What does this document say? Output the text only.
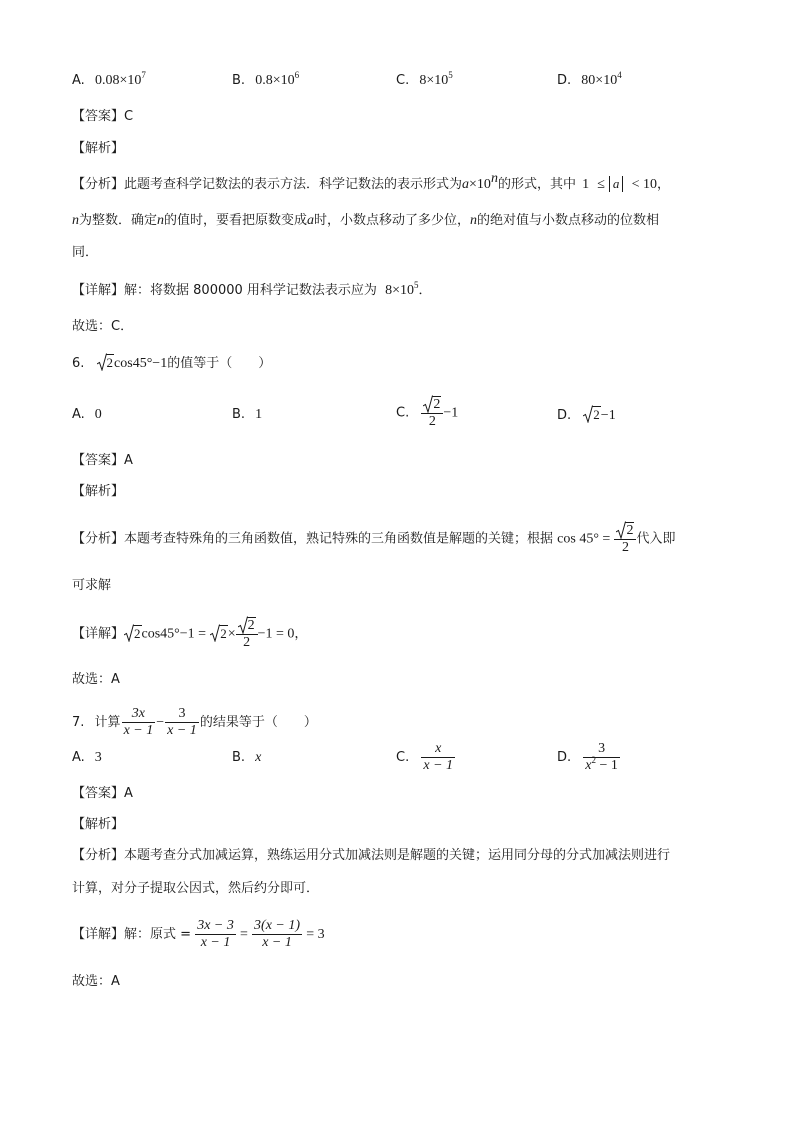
A. $0.08\times 10^7$	B. $0.8\times 10^6$	C. $8\times 10^5$	D. $80\times 10^4$
【答案】C
【解析】
【分析】此题考查科学记数法的表示方法．科学记数法的表示形式为$a\times 10^n$的形式，其中 1 ≤ a < 10，
n为整数．确定n的值时，要看把原数变成a时，小数点移动了多少位，n的绝对值与小数点移动的位数相
同．
【详解】解：将数据 800000 用科学记数法表示应为 $8\times 10^5$．
故选：C．
6. 2cos45°−1的值等于（　　）
A. 0	B. 1	C. $\frac{2}{2} -1$	D. 2−1
【答案】A
【解析】
【分析】本题考查特殊角的三角函数值，熟记特殊的三角函数值是解题的关键；根据 $\cos 45^\circ = \frac{2}{2}$ 代入即
可求解
【详解】 $2\cos 45^\circ-1 = 2\times \frac{2}{2} -1 = 0$，
故选：A
7. 计算 $\frac{3x}{x - 1} - \frac{3}{x - 1}$ 的结果等于（　　）
A. 3	B. x	C. $\frac{x}{x - 1}$	D. $\frac{3}{x^2 - 1}$
【答案】A
【解析】
【分析】本题考查分式加减运算，熟练运用分式加减法则是解题的关键；运用同分母的分式加减法则进行
计算，对分子提取公因式，然后约分即可．
【详解】解：原式 = $\frac{3x - 3}{x - 1} = \frac{3(x - 1)}{x - 1} = 3$
故选：A
